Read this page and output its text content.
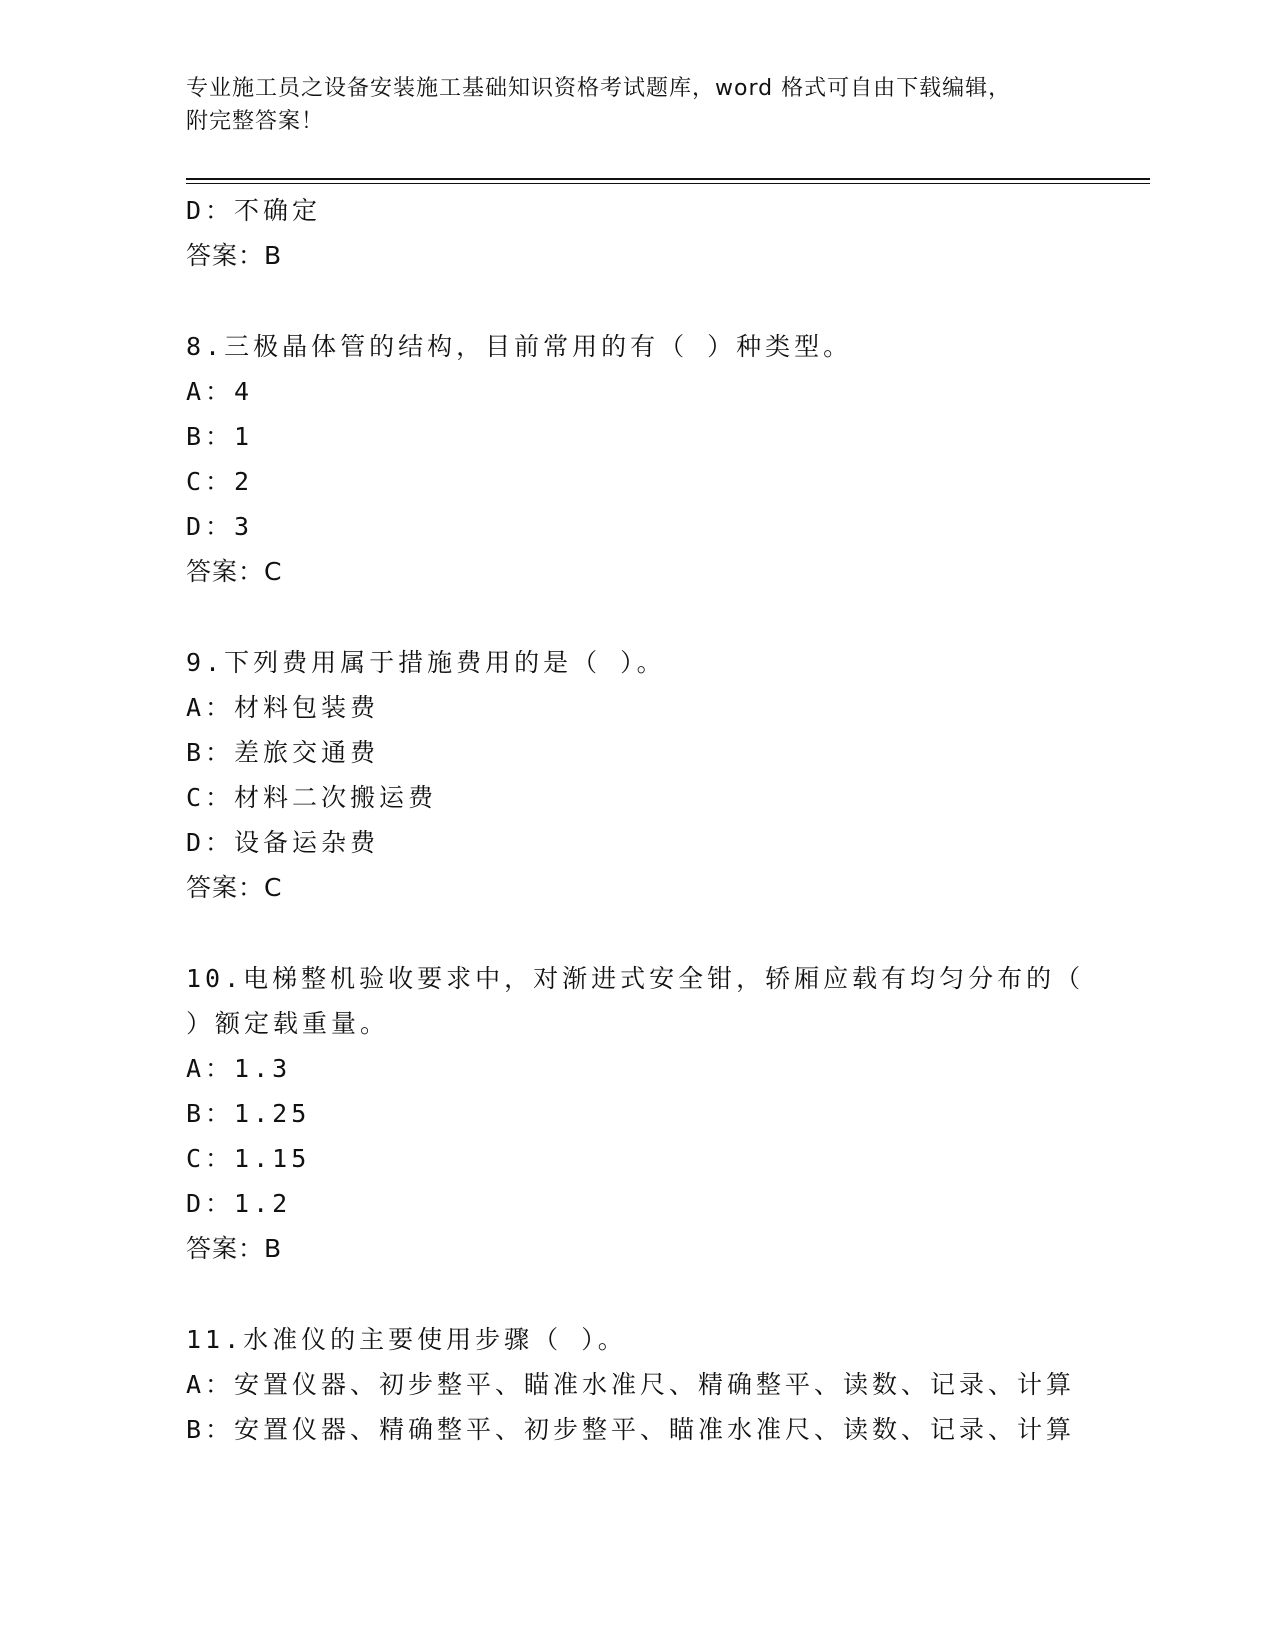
专业施工员之设备安装施工基础知识资格考试题库，word 格式可自由下载编辑，
附完整答案！
D：不确定
答案：B
8.三极晶体管的结构，目前常用的有（ ）种类型。
A：4
B：1
C：2
D：3
答案：C
9.下列费用属于措施费用的是（ ）。
A：材料包装费
B：差旅交通费
C：材料二次搬运费
D：设备运杂费
答案：C
10.电梯整机验收要求中，对渐进式安全钳，轿厢应载有均匀分布的（
）额定载重量。
A：1.3
B：1.25
C：1.15
D：1.2
答案：B
11.水准仪的主要使用步骤（ ）。
A：安置仪器、初步整平、瞄准水准尺、精确整平、读数、记录、计算
B：安置仪器、精确整平、初步整平、瞄准水准尺、读数、记录、计算
